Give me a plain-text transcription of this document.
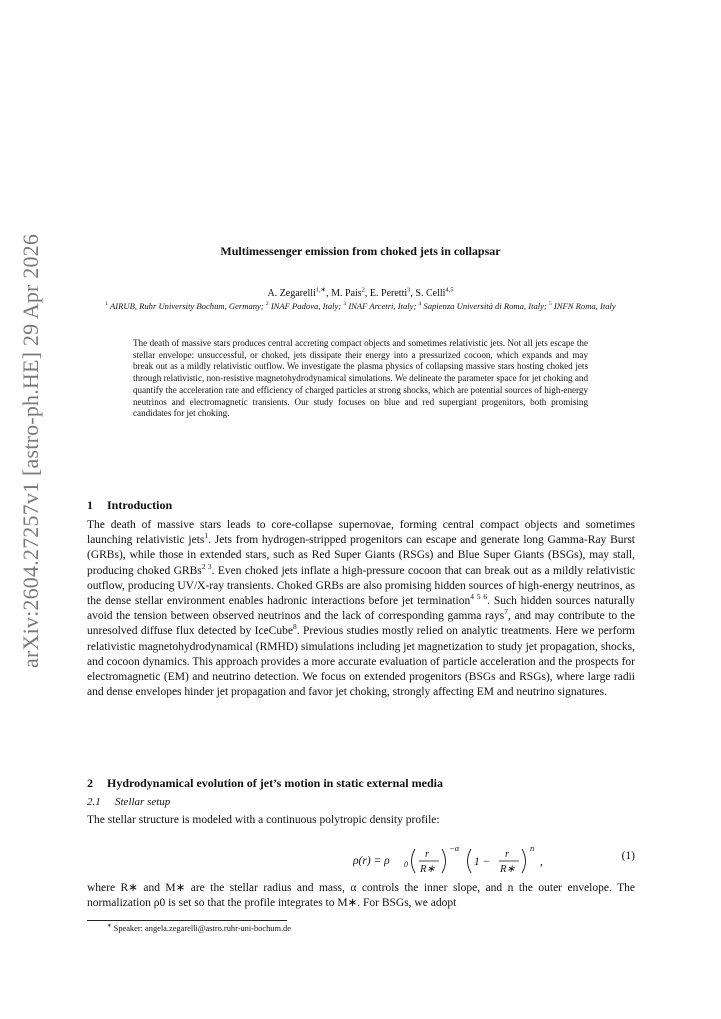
arXiv:2604.27257v1 [astro-ph.HE] 29 Apr 2026	Multimessenger emission from choked jets in collapsar
A. Zegarelli$^{1,∗}$, M. Pais$^2$, E. Peretti$^3$, S. Celli$^{4,5}$
$^1$ AIRUB, Ruhr University Bochum, Germany; $^2$ INAF Padova, Italy; $^3$ INAF Arcetri, Italy; $^4$ Sapienza Università di Roma, Italy; $^5$ INFN Roma, Italy
The death of massive stars produces central accreting compact objects and sometimes relativistic jets. Not all jets escape the stellar envelope: unsuccessful, or choked, jets dissipate their energy into a pressurized cocoon, which expands and may break out as a mildly relativistic outflow. We investigate the plasma physics of collapsing massive stars hosting choked jets through relativistic, non-resistive magnetohydrodynamical simulations. We delineate the parameter space for jet choking and quantify the acceleration rate and efficiency of charged particles at strong shocks, which are potential sources of high-energy neutrinos and electromagnetic transients. Our study focuses on blue and red supergiant progenitors, both promising candidates for jet choking.
1 Introduction
The death of massive stars leads to core-collapse supernovae, forming central compact objects and sometimes launching relativistic jets$^1$. Jets from hydrogen-stripped progenitors can escape and generate long Gamma-Ray Burst (GRBs), while those in extended stars, such as Red Super Giants (RSGs) and Blue Super Giants (BSGs), may stall, producing choked GRBs$^{2 3}$. Even choked jets inflate a high-pressure cocoon that can break out as a mildly relativistic outflow, producing UV/X-ray transients. Choked GRBs are also promising hidden sources of high-energy neutrinos, as the dense stellar environment enables hadronic interactions before jet termination$^{4 5 6}$. Such hidden sources naturally avoid the tension between observed neutrinos and the lack of corresponding gamma rays$^7$, and may contribute to the unresolved diffuse flux detected by IceCube$^8$. Previous studies mostly relied on analytic treatments. Here we perform relativistic magnetohydrodynamical (RMHD) simulations including jet magnetization to study jet propagation, shocks, and cocoon dynamics. This approach provides a more accurate evaluation of particle acceleration and the prospects for electromagnetic (EM) and neutrino detection. We focus on extended progenitors (BSGs and RSGs), where large radii and dense envelopes hinder jet propagation and favor jet choking, strongly affecting EM and neutrino signatures.
2 Hydrodynamical evolution of jet’s motion in static external media
2.1 Stellar setup
The stellar structure is modeled with a continuous polytropic density profile:
ρ(r) = ρ 0
r
R∗
−α
1 −
r
R∗
n
,	(1)
where R∗ and M∗ are the stellar radius and mass, α controls the inner slope, and n the outer envelope. The normalization ρ0 is set so that the profile integrates to M∗. For BSGs, we adopt
∗ Speaker: angela.zegarelli@astro.ruhr-uni-bochum.de
